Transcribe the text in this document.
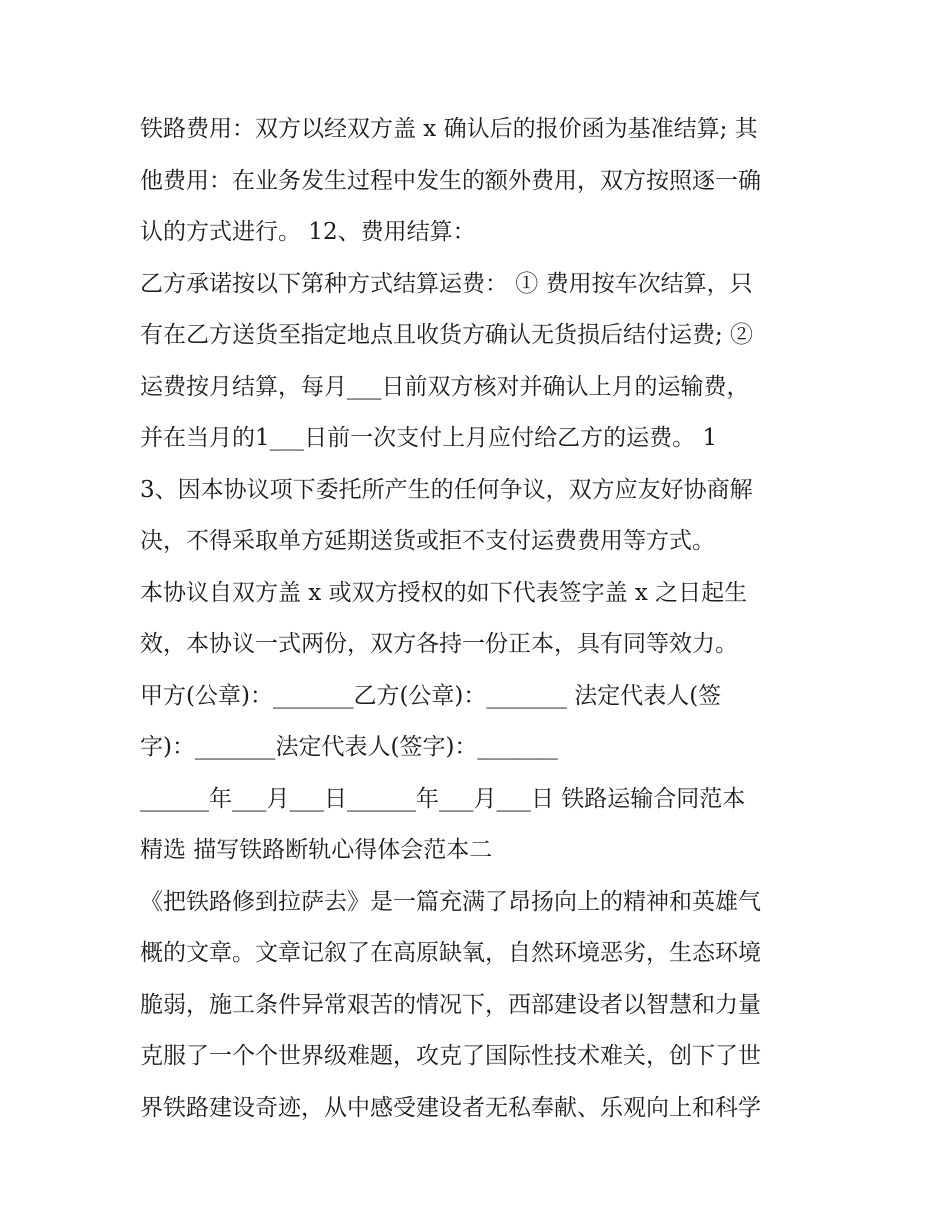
铁路费用：双方以经双方盖 x 确认后的报价函为基准结算; 其
他费用：在业务发生过程中发生的额外费用，双方按照逐一确
认的方式进行。 12、费用结算：
乙方承诺按以下第种方式结算运费： ① 费用按车次结算，只
有在乙方送货至指定地点且收货方确认无货损后结付运费; ②
运费按月结算，每月___日前双方核对并确认上月的运输费，
并在当月的1___日前一次支付上月应付给乙方的运费。 1
3、因本协议项下委托所产生的任何争议，双方应友好协商解
决，不得采取单方延期送货或拒不支付运费费用等方式。
本协议自双方盖 x 或双方授权的如下代表签字盖 x 之日起生
效，本协议一式两份，双方各持一份正本，具有同等效力。
甲方(公章)：_______乙方(公章)：_______ 法定代表人(签
字)：_______法定代表人(签字)：_______
______年___月___日______年___月___日 铁路运输合同范本
精选 描写铁路断轨心得体会范本二
《把铁路修到拉萨去》是一篇充满了昂扬向上的精神和英雄气
概的文章。文章记叙了在高原缺氧，自然环境恶劣，生态环境
脆弱，施工条件异常艰苦的情况下，西部建设者以智慧和力量
克服了一个个世界级难题，攻克了国际性技术难关，创下了世
界铁路建设奇迹，从中感受建设者无私奉献、乐观向上和科学
